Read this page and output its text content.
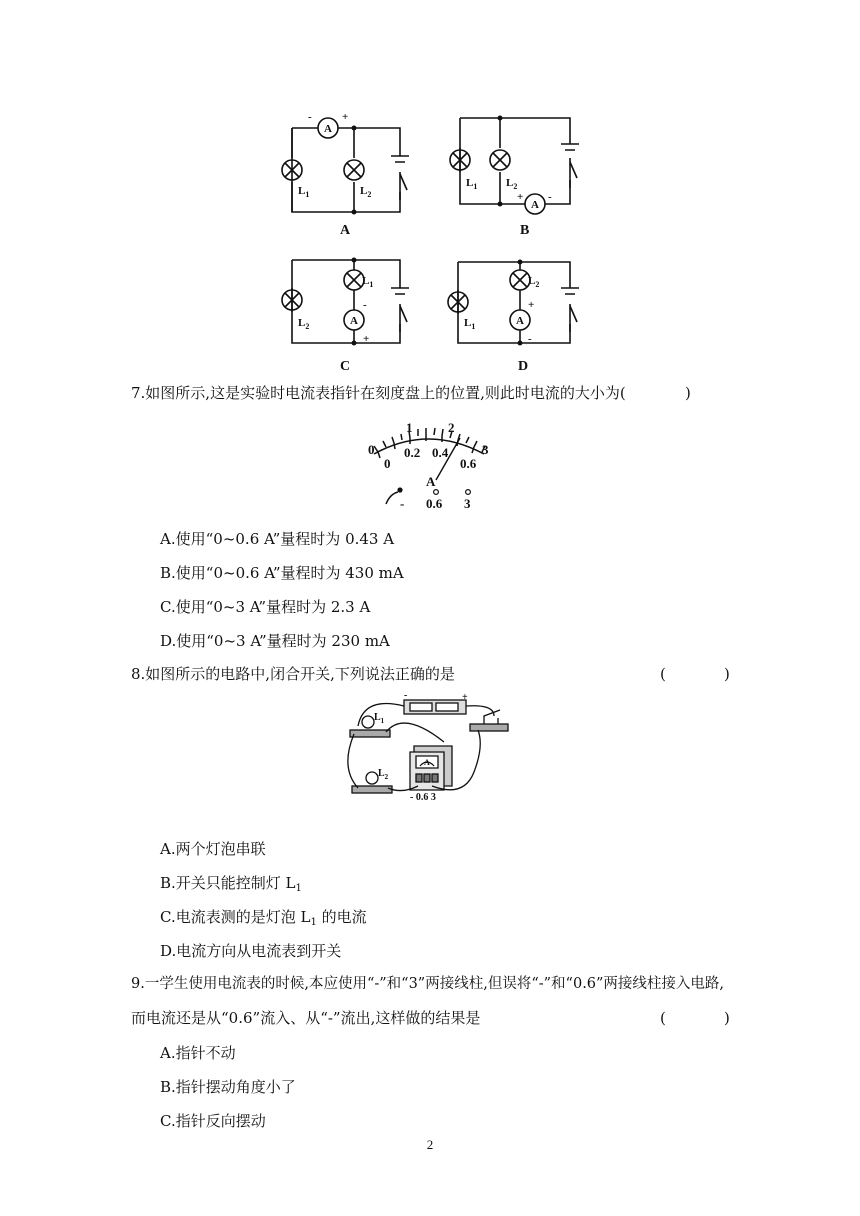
A
A
A	A
$L_1$	$L_2$
$L_1$	$L_2$
$L_1$
$L_2$	$L_1$
$L_2$
-	+
+ -
-
+
+
-
A	B
C	D
7.如图所示,这是实验时电流表指针在刻度盘上的位置,则此时电流的大小为(	)
0
1	2
3
0
0.2 0.4
0.6
A
- 0.6 3
A.使用“0~0.6 A”量程时为 0.43 A
B.使用“0~0.6 A”量程时为 430 mA
C.使用“0~3 A”量程时为 2.3 A
D.使用“0~3 A”量程时为 230 mA
8.如图所示的电路中,闭合开关,下列说法正确的是	(	)
$L_1$
$L_2$
A
- 0.6 3
-	+
A.两个灯泡串联
B.开关只能控制灯 $L_1$
C.电流表测的是灯泡 $L_1$ 的电流
D.电流方向从电流表到开关
9.一学生使用电流表的时候,本应使用“-”和“3”两接线柱,但误将“-”和“0.6”两接线柱接入电路,
而电流还是从“0.6”流入、从“-”流出,这样做的结果是	(	)
A.指针不动
B.指针摆动角度小了
C.指针反向摆动
2
